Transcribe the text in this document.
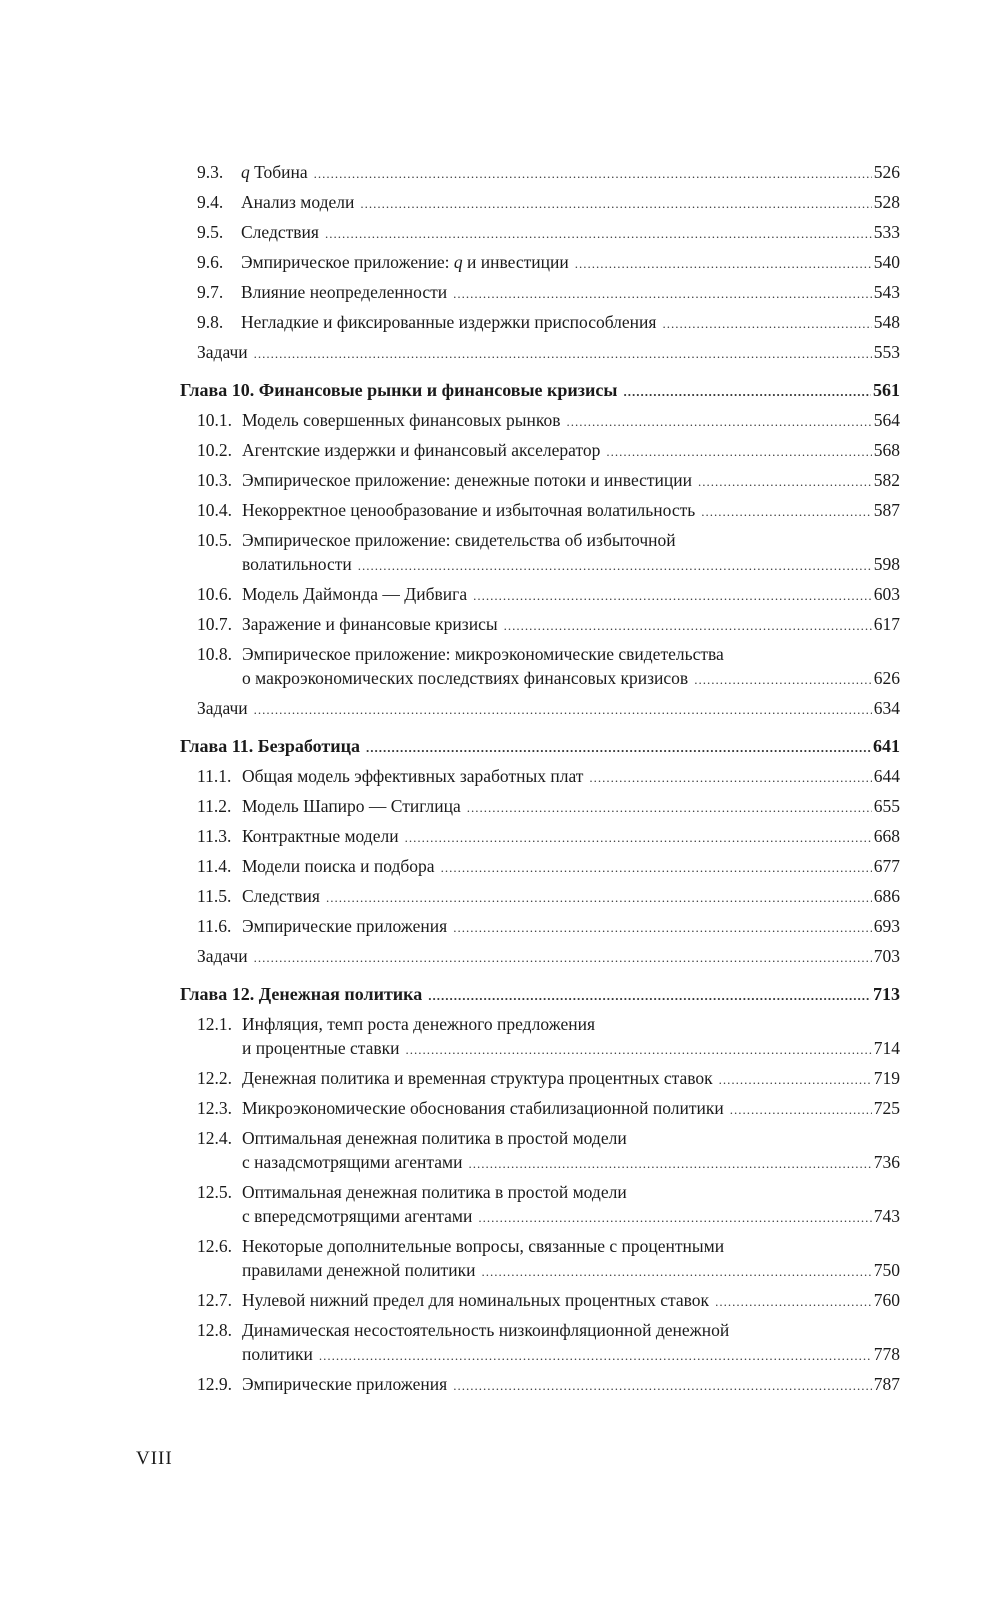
9.3.	q Тобина .....	526
9.4.	Анализ модели .....	528
9.5.	Следствия .....	533
9.6.	Эмпирическое приложение: q и инвестиции .....	540
9.7.	Влияние неопределенности .....	543
9.8.	Негладкие и фиксированные издержки приспособления .....	548
Задачи .....	553
Глава 10. Финансовые рынки и финансовые кризисы .....	561
10.1. Модель совершенных финансовых рынков .....	564
10.2. Агентские издержки и финансовый акселератор .....	568
10.3. Эмпирическое приложение: денежные потоки и инвестиции .....	582
10.4. Некорректное ценообразование и избыточная волатильность .....	587
10.5. Эмпирическое приложение: свидетельства об избыточной
волатильности .....	598
10.6. Модель Даймонда — Дибвига .....	603
10.7. Заражение и финансовые кризисы .....	617
10.8. Эмпирическое приложение: микроэкономические свидетельства
о макроэкономических последствиях финансовых кризисов .....	626
Задачи .....	634
Глава 11. Безработица .....	641
11.1. Общая модель эффективных заработных плат .....	644
11.2. Модель Шапиро — Стиглица .....	655
11.3. Контрактные модели .....	668
11.4. Модели поиска и подбора .....	677
11.5. Следствия .....	686
11.6. Эмпирические приложения .....	693
Задачи .....	703
Глава 12. Денежная политика .....	713
12.1. Инфляция, темп роста денежного предложения
и процентные ставки .....	714
12.2. Денежная политика и временная структура процентных ставок .....	719
12.3. Микроэкономические обоснования стабилизационной политики .....	725
12.4. Оптимальная денежная политика в простой модели
с назадсмотрящими агентами .....	736
12.5. Оптимальная денежная политика в простой модели
с впередсмотрящими агентами .....	743
12.6. Некоторые дополнительные вопросы, связанные с процентными
правилами денежной политики .....	750
12.7. Нулевой нижний предел для номинальных процентных ставок .....	760
12.8. Динамическая несостоятельность низкоинфляционной денежной
политики .....	778
12.9. Эмпирические приложения .....	787
VIII
